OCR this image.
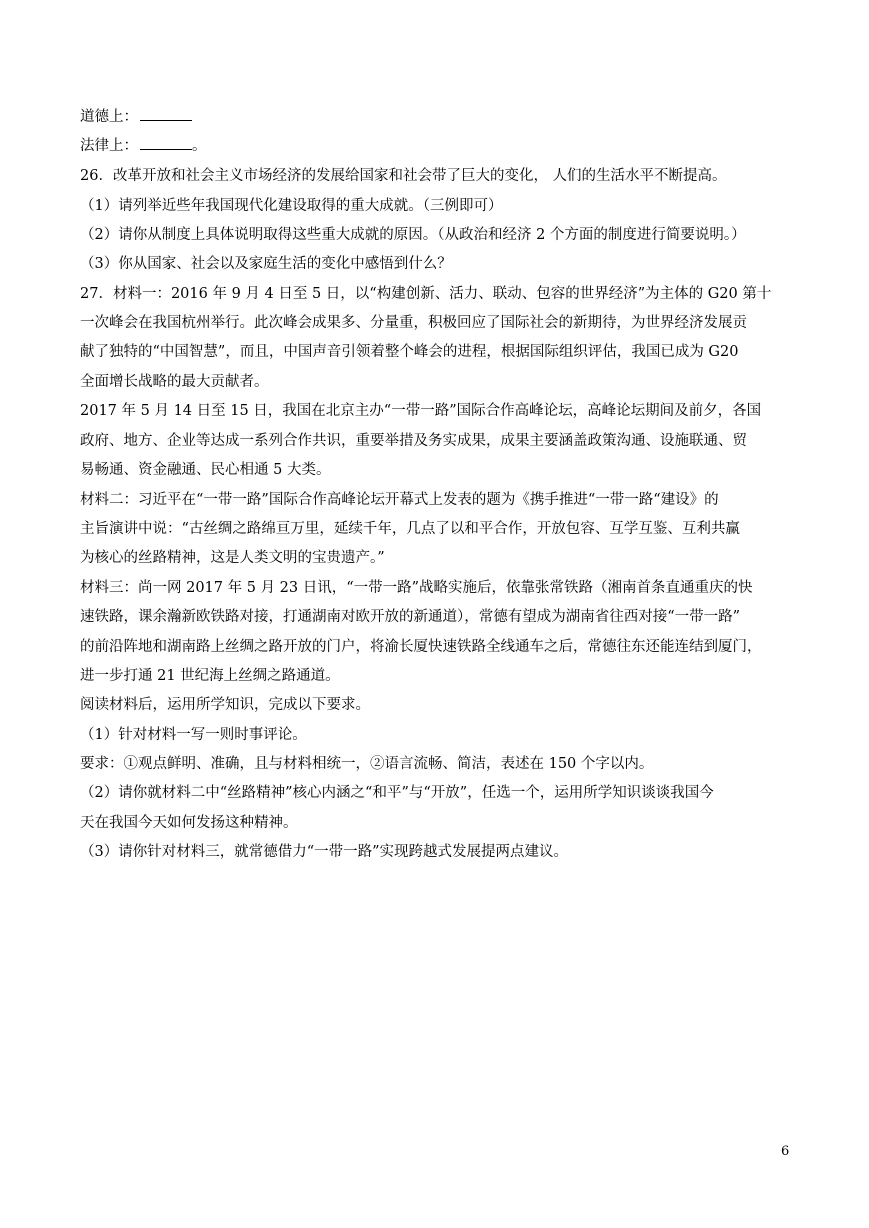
道德上：
法律上：	。
26．改革开放和社会主义市场经济的发展给国家和社会带了巨大的变化， 人们的生活水平不断提高。
（1）请列举近些年我国现代化建设取得的重大成就。（三例即可）
（2）请你从制度上具体说明取得这些重大成就的原因。（从政治和经济 2 个方面的制度进行简要说明。）
（3）你从国家、社会以及家庭生活的变化中感悟到什么？
27．材料一：2016 年 9 月 4 日至 5 日，以“构建创新、活力、联动、包容的世界经济”为主体的 G20 第十
一次峰会在我国杭州举行。此次峰会成果多、分量重，积极回应了国际社会的新期待，为世界经济发展贡
献了独特的“中国智慧”，而且，中国声音引领着整个峰会的进程，根据国际组织评估，我国已成为 G20
全面增长战略的最大贡献者。
2017 年 5 月 14 日至 15 日，我国在北京主办“一带一路”国际合作高峰论坛，高峰论坛期间及前夕，各国
政府、地方、企业等达成一系列合作共识，重要举措及务实成果，成果主要涵盖政策沟通、设施联通、贸
易畅通、资金融通、民心相通 5 大类。
材料二：习近平在“一带一路”国际合作高峰论坛开幕式上发表的题为《携手推进“一带一路“建设》的
主旨演讲中说：“古丝绸之路绵亘万里，延续千年，几点了以和平合作，开放包容、互学互鉴、互利共赢
为核心的丝路精神，这是人类文明的宝贵遗产。”
材料三：尚一网 2017 年 5 月 23 日讯，“一带一路”战略实施后，依靠张常铁路（湘南首条直通重庆的快
速铁路，课余瀚新欧铁路对接，打通湖南对欧开放的新通道），常德有望成为湖南省往西对接“一带一路”
的前沿阵地和湖南路上丝绸之路开放的门户，将渝长厦快速铁路全线通车之后，常德往东还能连结到厦门，
进一步打通 21 世纪海上丝绸之路通道。
阅读材料后，运用所学知识，完成以下要求。
（1）针对材料一写一则时事评论。
要求：①观点鲜明、准确，且与材料相统一，②语言流畅、简洁，表述在 150 个字以内。
（2）请你就材料二中“丝路精神”核心内涵之“和平”与“开放”，任选一个，运用所学知识谈谈我国今
天在我国今天如何发扬这种精神。
（3）请你针对材料三，就常德借力“一带一路”实现跨越式发展提两点建议。
6
